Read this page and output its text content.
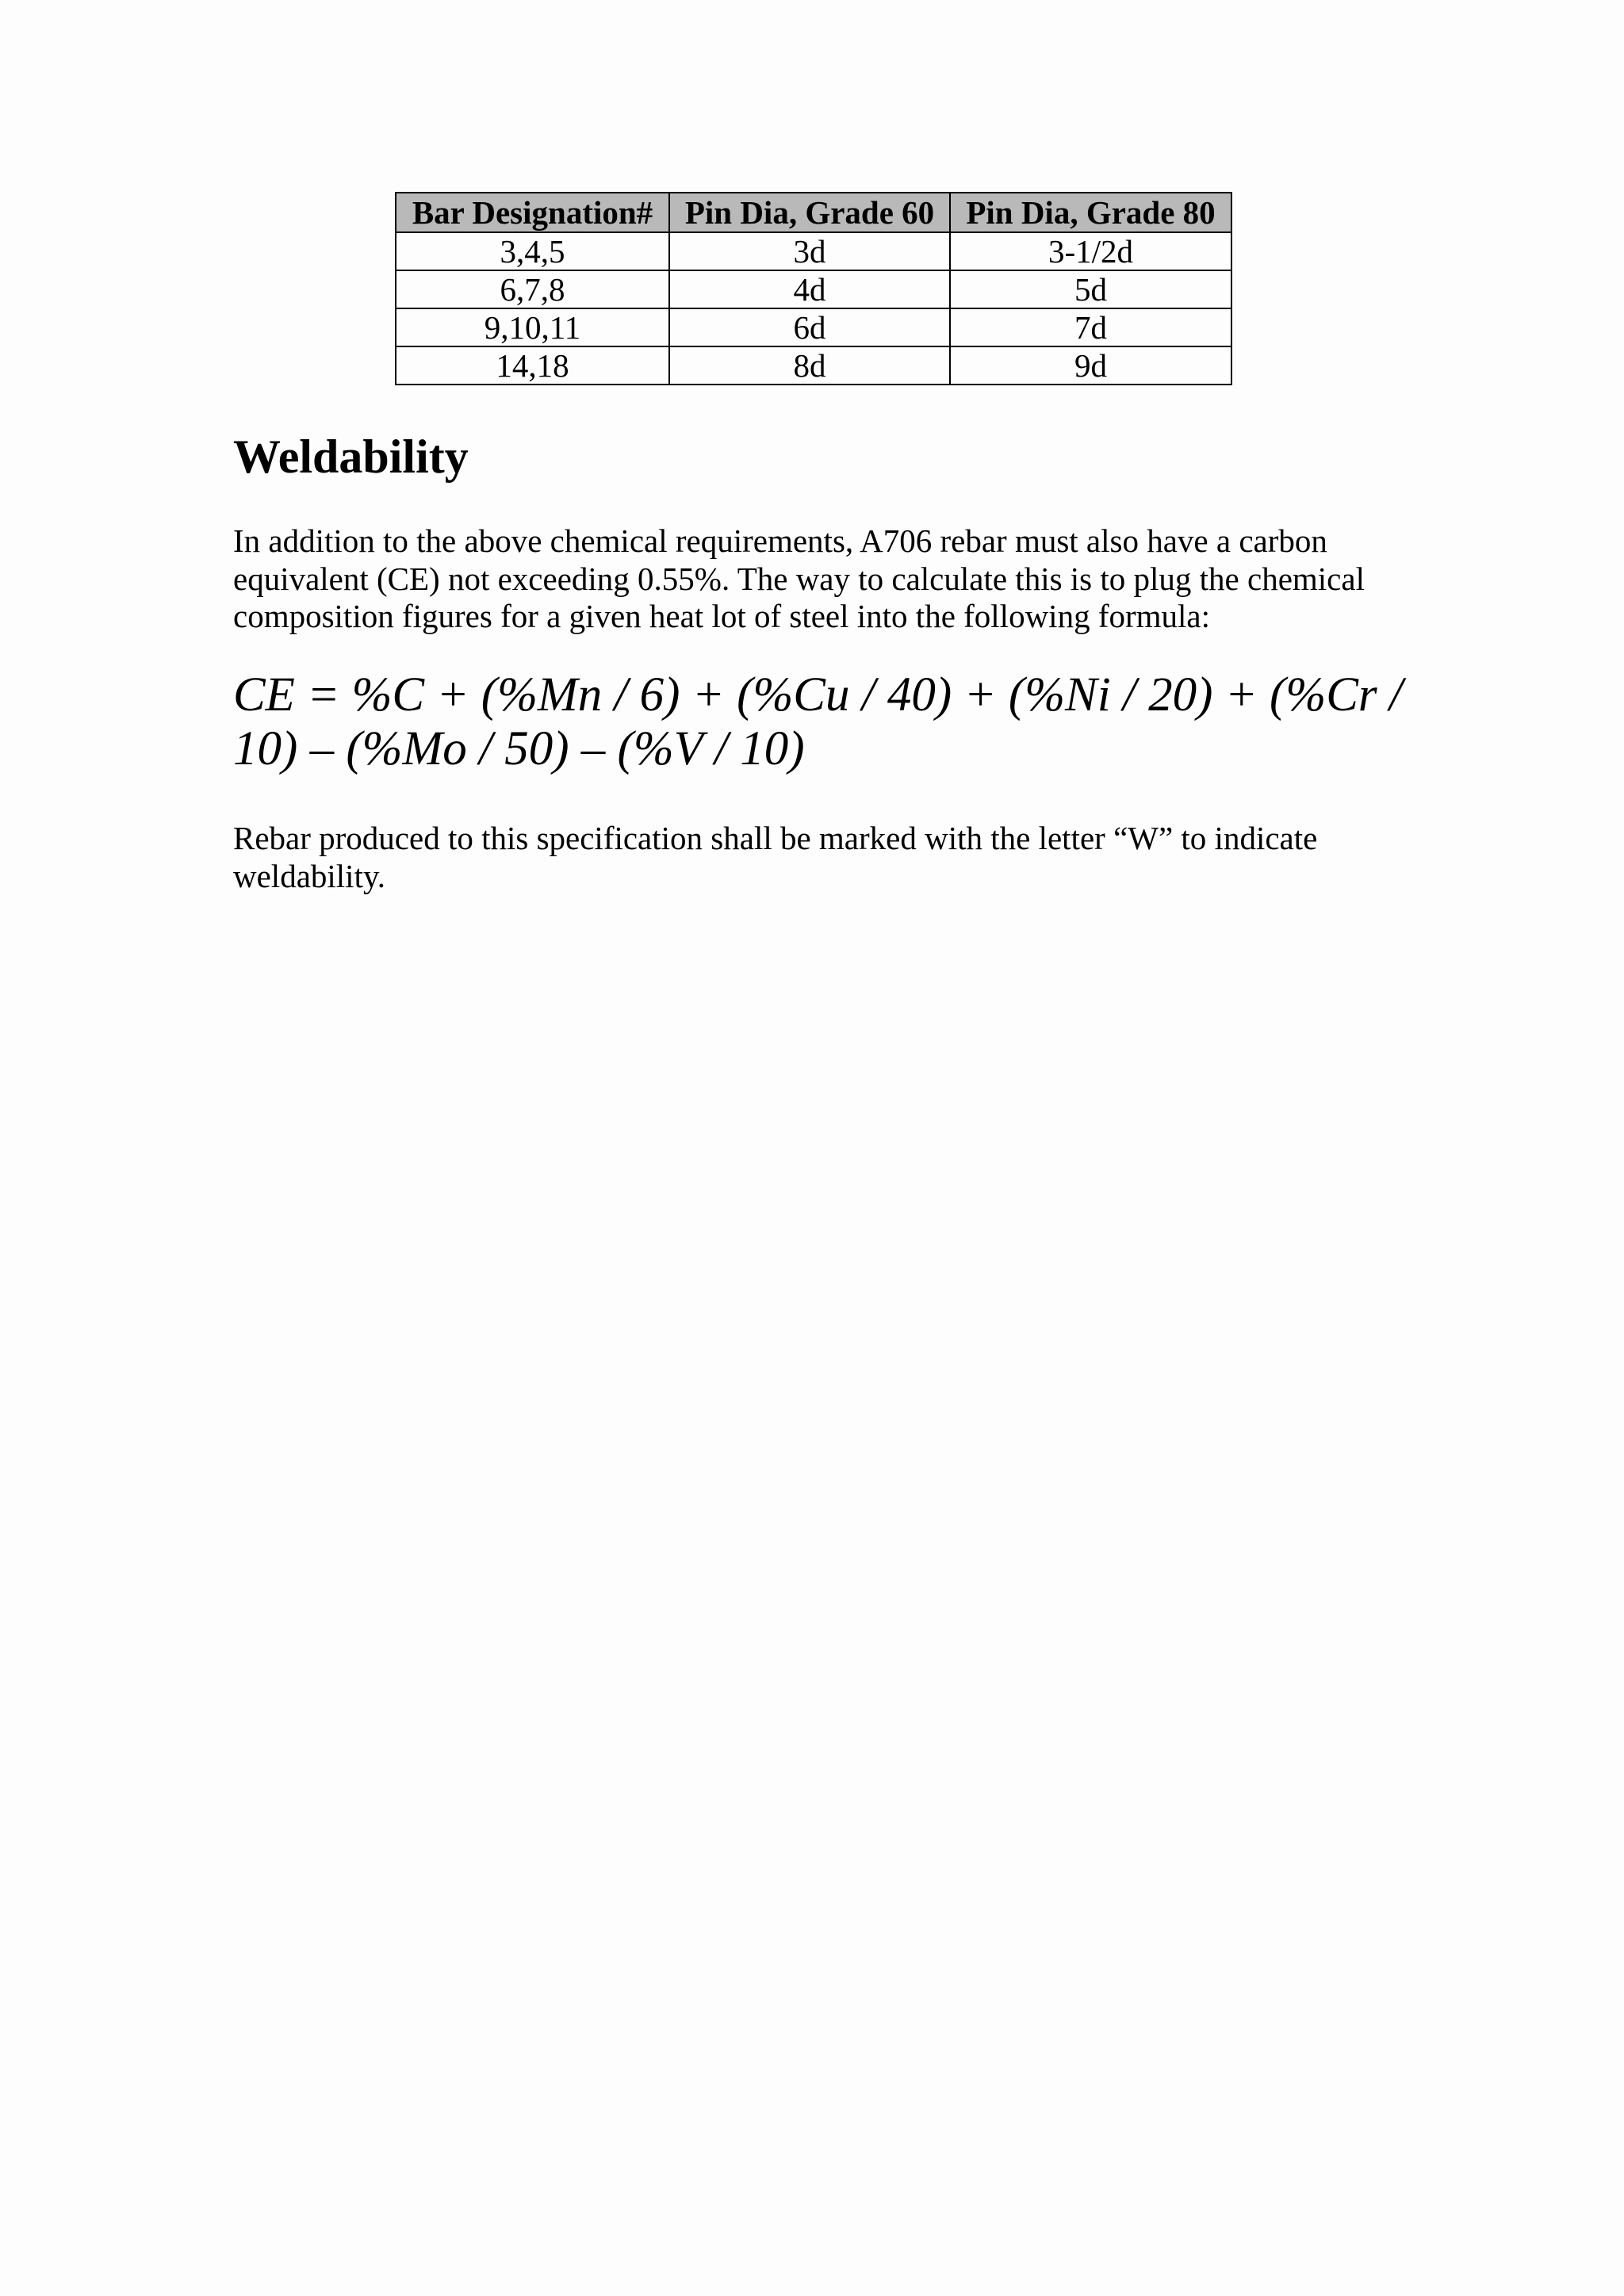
Bar Designation#	Pin Dia, Grade 60	Pin Dia, Grade 80
3,4,5	3d	3-1/2d
6,7,8	4d	5d
9,10,11	6d	7d
14,18	8d	9d
Weldability

In addition to the above chemical requirements, A706 rebar must also have a carbon
equivalent (CE) not exceeding 0.55%. The way to calculate this is to plug the chemical
composition figures for a given heat lot of steel into the following formula:

CE = %C + (%Mn / 6) + (%Cu / 40) + (%Ni / 20) + (%Cr /
10) – (%Mo / 50) – (%V / 10)

Rebar produced to this specification shall be marked with the letter “W” to indicate
weldability.
